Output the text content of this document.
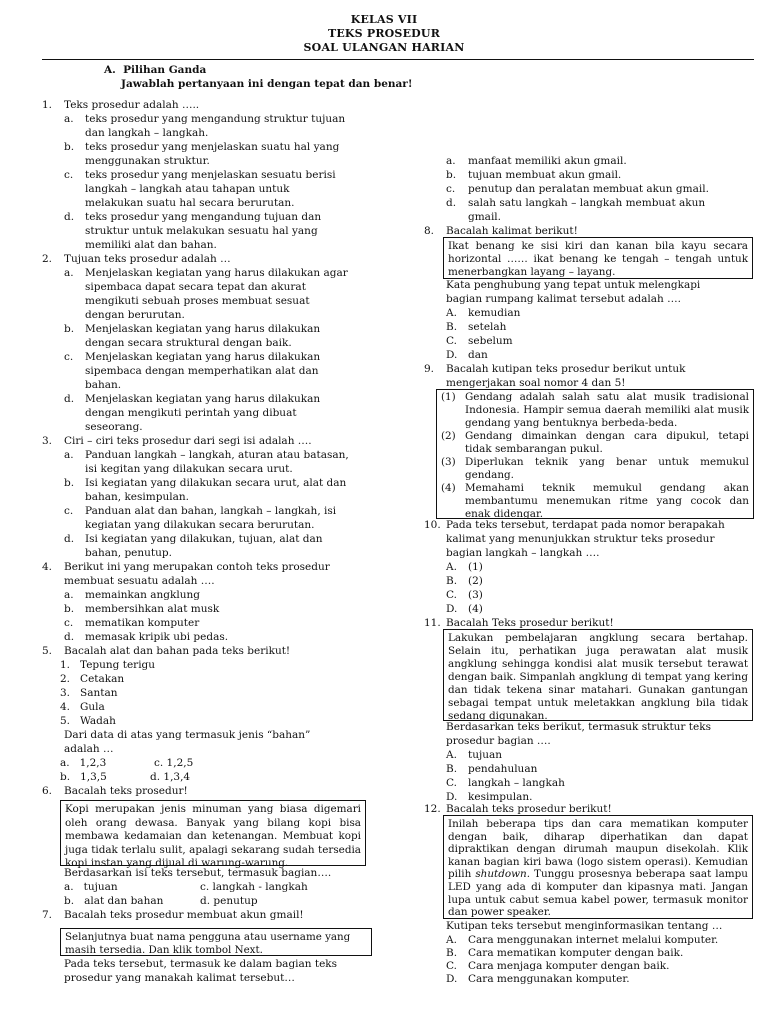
KELAS VII
TEKS PROSEDUR
SOAL ULANGAN HARIAN
A.  Pilihan Ganda
Jawablah pertanyaan ini dengan tepat dan benar!
1. Teks prosedur adalah …..
a. teks prosedur yang mengandung struktur tujuan
dan langkah – langkah.
b. teks prosedur yang menjelaskan suatu hal yang
menggunakan struktur.
c. teks prosedur yang menjelaskan sesuatu berisi
langkah – langkah atau tahapan untuk
melakukan suatu hal secara berurutan.
d. teks prosedur yang mengandung tujuan dan
struktur untuk melakukan sesuatu hal yang
memiliki alat dan bahan.
2. Tujuan teks prosedur adalah …
a. Menjelaskan kegiatan yang harus dilakukan agar
sipembaca dapat secara tepat dan akurat
mengikuti sebuah proses membuat sesuat
dengan berurutan.
b. Menjelaskan kegiatan yang harus dilakukan
dengan secara struktural dengan baik.
c. Menjelaskan kegiatan yang harus dilakukan
sipembaca dengan memperhatikan alat dan
bahan.
d. Menjelaskan kegiatan yang harus dilakukan
dengan mengikuti perintah yang dibuat
seseorang.
3. Ciri – ciri teks prosedur dari segi isi adalah ….
a. Panduan langkah – langkah, aturan atau batasan,
isi kegitan yang dilakukan secara urut.
b. Isi kegiatan yang dilakukan secara urut, alat dan
bahan, kesimpulan.
c. Panduan alat dan bahan, langkah – langkah, isi
kegiatan yang dilakukan secara berurutan.
d. Isi kegiatan yang dilakukan, tujuan, alat dan
bahan, penutup.
4. Berikut ini yang merupakan contoh teks prosedur
membuat sesuatu adalah ….
a. memainkan angklung
b. membersihkan alat musk
c. mematikan komputer
d. memasak kripik ubi pedas.
5. Bacalah alat dan bahan pada teks berikut!
1.   Tepung terigu
2.   Cetakan
3.   Santan
4.   Gula
5.   Wadah
Dari data di atas yang termasuk jenis “bahan”
adalah …
a.   1,2,3	c. 1,2,5
b.   1,3,5	d. 1,3,4
6. Bacalah teks prosedur!
Kopi merupakan jenis minuman yang biasa digemari oleh orang dewasa. Banyak yang bilang kopi bisa membawa kedamaian dan ketenangan. Membuat kopi juga tidak terlalu sulit, apalagi sekarang sudah tersedia kopi instan yang dijual di warung-warung.
Berdasarkan isi teks tersebut, termasuk bagian….
a.   tujuan	c. langkah - langkah
b.   alat dan bahan	d. penutup
7. Bacalah teks prosedur membuat akun gmail!
Selanjutnya buat nama pengguna atau username yang masih tersedia. Dan klik tombol Next.
Pada teks tersebut, termasuk ke dalam bagian teks
prosedur yang manakah kalimat tersebut…
a. manfaat memiliki akun gmail.
b. tujuan membuat akun gmail.
c. penutup dan peralatan membuat akun gmail.
d. salah satu langkah – langkah membuat akun
gmail.
8. Bacalah kalimat berikut!
Ikat benang ke sisi kiri dan kanan bila kayu secara horizontal …… ikat benang ke tengah – tengah untuk menerbangkan layang – layang.
Kata penghubung yang tepat untuk melengkapi
bagian rumpang kalimat tersebut adalah ….
A. kemudian
B. setelah
C. sebelum
D. dan
9. Bacalah kutipan teks prosedur berikut untuk
mengerjakan soal nomor 4 dan 5!
(1) Gendang adalah salah satu alat musik tradisional Indonesia. Hampir semua daerah memiliki alat musik gendang yang bentuknya berbeda-beda.
(2) Gendang dimainkan dengan cara dipukul, tetapi tidak sembarangan pukul.
(3) Diperlukan teknik yang benar untuk memukul gendang.
(4) Memahami teknik memukul gendang akan membantumu menemukan ritme yang cocok dan enak didengar.
10. Pada teks tersebut, terdapat pada nomor berapakah
kalimat yang menunjukkan struktur teks prosedur
bagian langkah – langkah ….
A. (1)
B. (2)
C. (3)
D. (4)
11. Bacalah Teks prosedur berikut!
Lakukan pembelajaran angklung secara bertahap. Selain itu, perhatikan juga perawatan alat musik angklung sehingga kondisi alat musik tersebut terawat dengan baik. Simpanlah angklung di tempat yang kering dan tidak tekena sinar matahari. Gunakan gantungan sebagai tempat untuk meletakkan angklung bila tidak sedang digunakan.
Berdasarkan teks berikut, termasuk struktur teks
prosedur bagian ….
A. tujuan
B. pendahuluan
C. langkah – langkah
D. kesimpulan.
12. Bacalah teks prosedur berikut!
Inilah beberapa tips dan cara mematikan komputer dengan baik, diharap diperhatikan dan dapat dipraktikan dengan dirumah maupun disekolah. Klik kanan bagian kiri bawa (logo sistem operasi). Kemudian pilih shutdown. Tunggu prosesnya beberapa saat lampu LED yang ada di komputer dan kipasnya mati. Jangan lupa untuk cabut semua kabel power, termasuk monitor dan power speaker.
Kutipan teks tersebut menginformasikan tentang …
A. Cara menggunakan internet melalui komputer.
B. Cara mematikan komputer dengan baik.
C. Cara menjaga komputer dengan baik.
D. Cara menggunakan komputer.
